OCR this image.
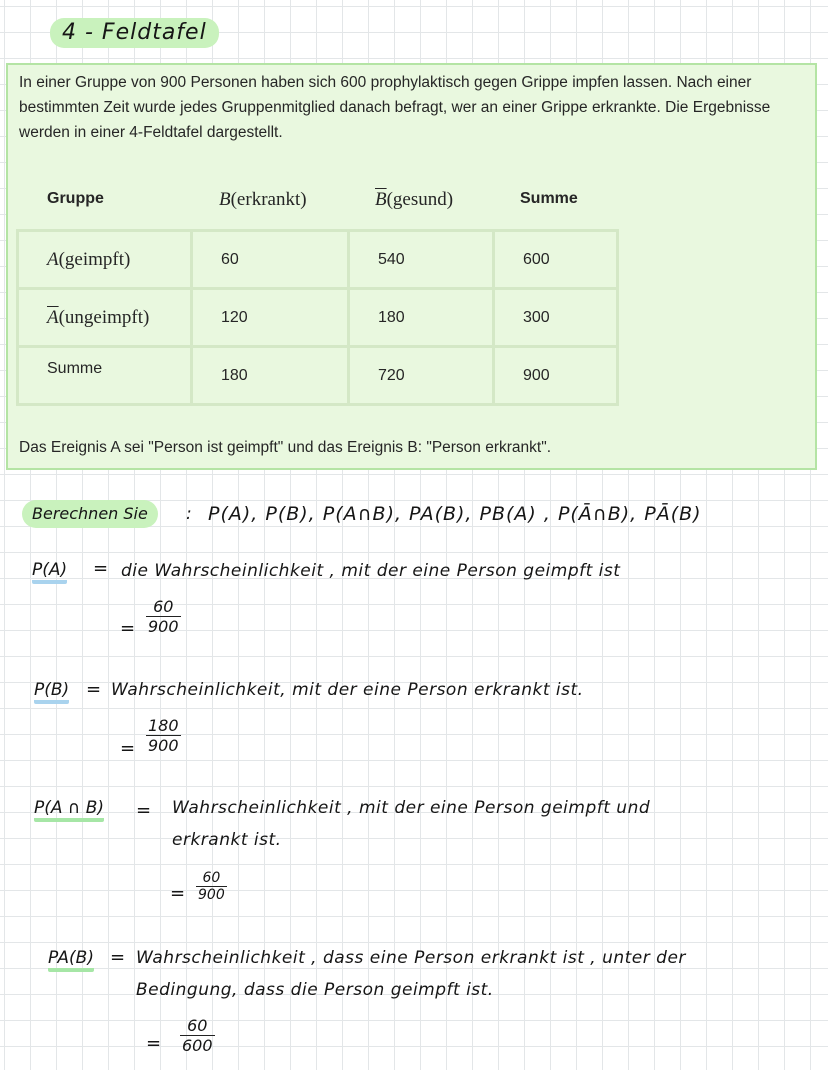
4 - Feldtafel

In einer Gruppe von 900 Personen haben sich 600 prophylaktisch gegen Grippe impfen lassen. Nach einer bestimmten Zeit wurde jedes Gruppenmitglied danach befragt, wer an einer Grippe erkrankte. Die Ergebnisse werden in einer 4-Feldtafel dargestellt.

Gruppe	B(erkrankt)	$\overline{B}(gesund)$	Summe
A(geimpft)	60	540	600
$\overline{A}(ungeimpft)$	120	180	300
Summe	180	720	900

Das Ereignis A sei "Person ist geimpft" und das Ereignis B: "Person erkrankt".

Berechnen Sie	: P(A), P(B), P(A∩B), PA(B), PB(A) , P(Ā∩B), PĀ(B)
P(A) = die Wahrscheinlichkeit , mit der eine Person geimpft ist
= $\frac{60}{900}$
P(B) = Wahrscheinlichkeit, mit der eine Person erkrankt ist.
= $\frac{180}{900}$
P(A ∩ B) = Wahrscheinlichkeit , mit der eine Person geimpft und
erkrankt ist.
= $\frac{60}{900}$
PA(B) = Wahrscheinlichkeit , dass eine Person erkrankt ist , unter der
Bedingung, dass die Person geimpft ist.
= $\frac{60}{600}$
